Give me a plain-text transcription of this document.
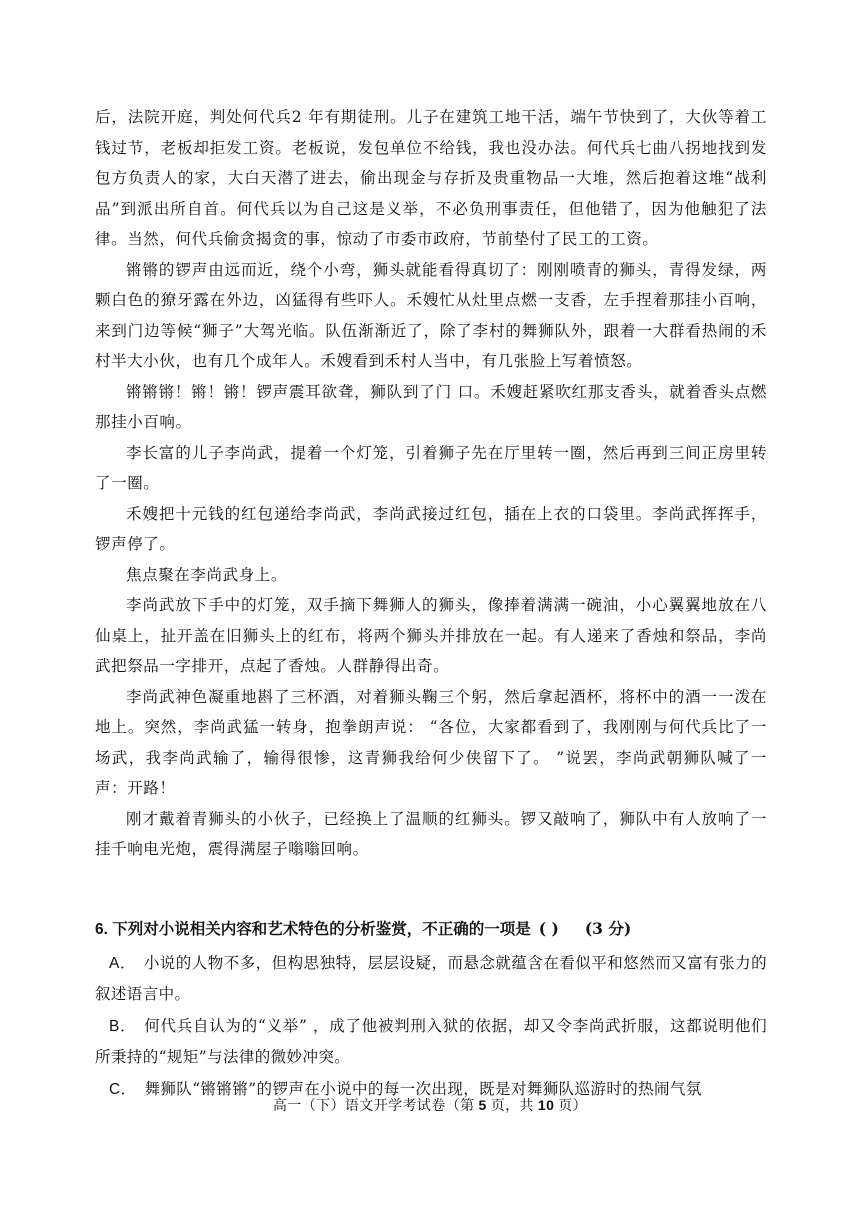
后，法院开庭，判处何代兵2 年有期徒刑。儿子在建筑工地干活，端午节快到了，大伙等着工钱过节，老板却拒发工资。老板说，发包单位不给钱，我也没办法。何代兵七曲八拐地找到发包方负责人的家，大白天潜了进去，偷出现金与存折及贵重物品一大堆，然后抱着这堆“战利品”到派出所自首。何代兵以为自己这是义举，不必负刑事责任，但他错了，因为他触犯了法律。当然，何代兵偷贪揭贪的事，惊动了市委市政府，节前垫付了民工的工资。

锵锵的锣声由远而近，绕个小弯，狮头就能看得真切了：刚刚喷青的狮头，青得发绿，两颗白色的獠牙露在外边，凶猛得有些吓人。禾嫂忙从灶里点燃一支香，左手捏着那挂小百响，来到门边等候“狮子”大驾光临。队伍渐渐近了，除了李村的舞狮队外，跟着一大群看热闹的禾村半大小伙，也有几个成年人。禾嫂看到禾村人当中，有几张脸上写着愤怒。

锵锵锵！锵！锵！锣声震耳欲聋，狮队到了门 口。禾嫂赶紧吹红那支香头，就着香头点燃那挂小百响。

李长富的儿子李尚武，提着一个灯笼，引着狮子先在厅里转一圈，然后再到三间正房里转了一圈。

禾嫂把十元钱的红包递给李尚武，李尚武接过红包，插在上衣的口袋里。李尚武挥挥手，锣声停了。

焦点聚在李尚武身上。

李尚武放下手中的灯笼，双手摘下舞狮人的狮头，像捧着满满一碗油，小心翼翼地放在八仙桌上，扯开盖在旧狮头上的红布，将两个狮头并排放在一起。有人递来了香烛和祭品，李尚武把祭品一字排开，点起了香烛。人群静得出奇。

李尚武神色凝重地斟了三杯酒，对着狮头鞠三个躬，然后拿起酒杯，将杯中的酒一一泼在地上。突然，李尚武猛一转身，抱拳朗声说： “各位，大家都看到了，我刚刚与何代兵比了一场武，我李尚武输了，输得很惨，这青狮我给何少侠留下了。 ”说罢，李尚武朝狮队喊了一声：开路！

刚才戴着青狮头的小伙子，已经换上了温顺的红狮头。锣又敲响了，狮队中有人放响了一挂千响电光炮，震得满屋子嗡嗡回响。

6. 下列对小说相关内容和艺术特色的分析鉴赏，不正确的一项是 ( ) (3 分)

A． 小说的人物不多，但构思独特，层层设疑，而悬念就蕴含在看似平和悠然而又富有张力的叙述语言中。

B． 何代兵自认为的“义举” ，成了他被判刑入狱的依据，却又令李尚武折服，这都说明他们所秉持的“规矩”与法律的微妙冲突。

C． 舞狮队“锵锵锵”的锣声在小说中的每一次出现，既是对舞狮队巡游时的热闹气氛

高一（下）语文开学考试卷（第 5 页，共 10 页）
